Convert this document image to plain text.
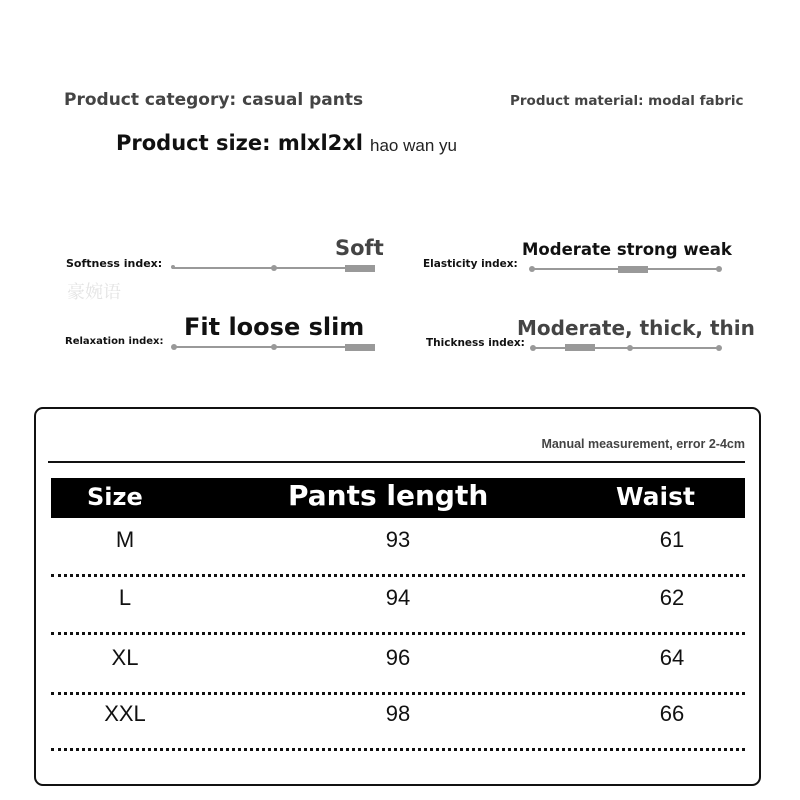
Product category: casual pants	Product material: modal fabric
Product size: mlxl2xl hao wan yu
豪婉语
Softness index:
Soft
Elasticity index:
Moderate strong weak
Relaxation index:
Fit loose slim
Thickness index:
Moderate, thick, thin
Manual measurement, error 2-4cm
Size	Pants length	Waist
M	93	61
L	94	62
XL	96	64
XXL	98	66
